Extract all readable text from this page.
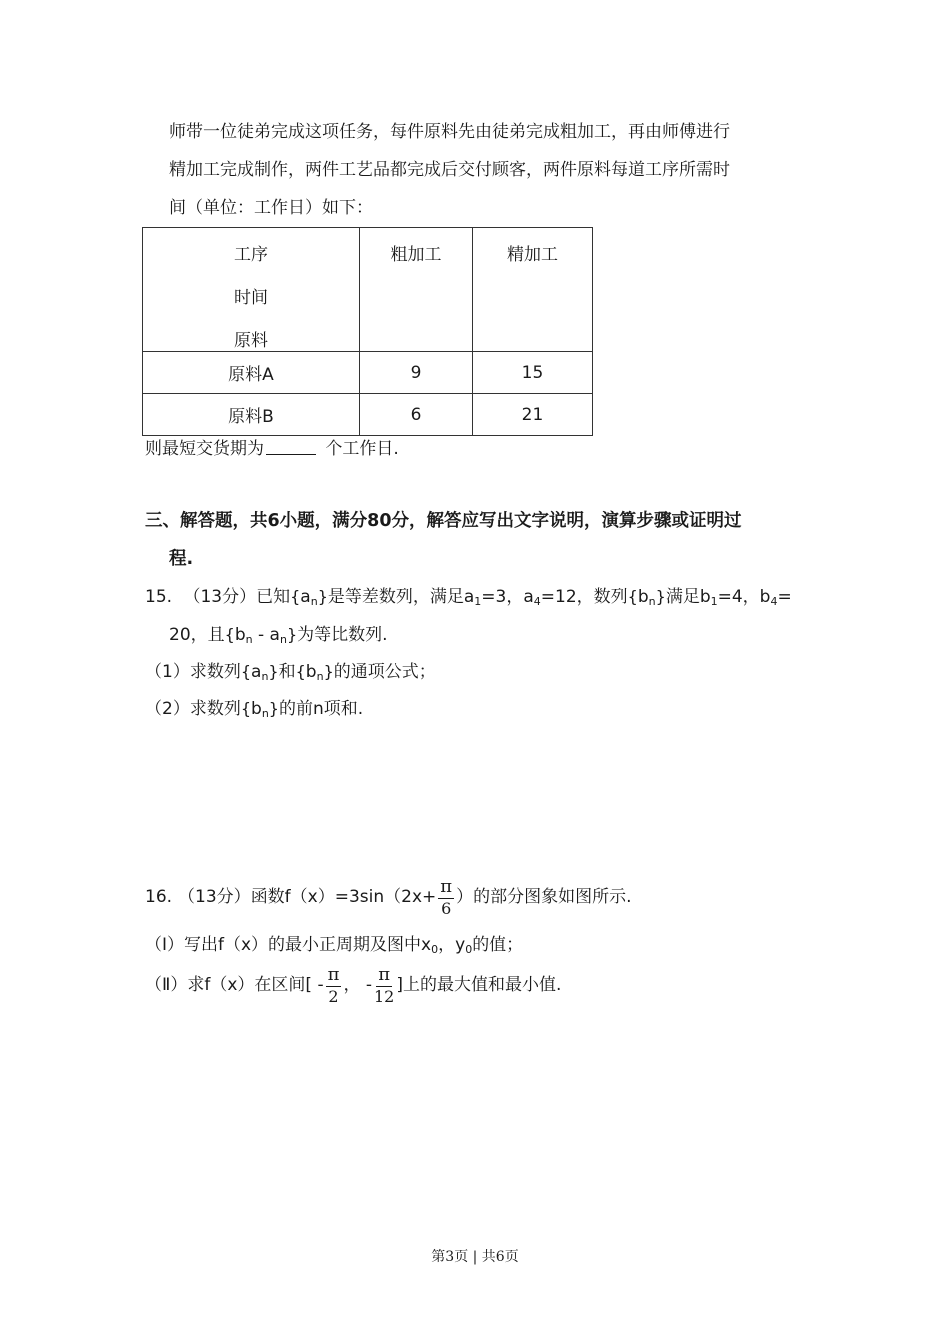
师带一位徒弟完成这项任务，每件原料先由徒弟完成粗加工，再由师傅进行
精加工完成制作，两件工艺品都完成后交付顾客，两件原料每道工序所需时
间（单位：工作日）如下：
工序
时间
原料	粗加工	精加工
原料A	9	15
原料B	6	21
则最短交货期为	个工作日.
三、解答题，共6小题，满分80分，解答应写出文字说明，演算步骤或证明过
程.
15. （13分）已知$\{a_n\}$是等差数列，满足$a_1=3$，$a_4=12$，数列$\{b_n\}$满足$b_1=4$，$b_4=$
20，且$\{b_n - a_n\}$为等比数列.
（1）求数列$\{a_n\}$和$\{b_n\}$的通项公式；
（2）求数列$\{b_n\}$的前n项和.
16. （13分） 函数$f(x)=3\sin(2x+ \frac{\pi}{6}$ ）的部分图象如图所示.
（Ⅰ）写出f（x）的最小正周期及图中$x_0$，$y_0$的值；
（Ⅱ）求f（x）在区间[ - $\frac{\pi}{2}$ ， - $\frac{\pi}{12}$ ]上的最大值和最小值.
第3页 | 共6页
